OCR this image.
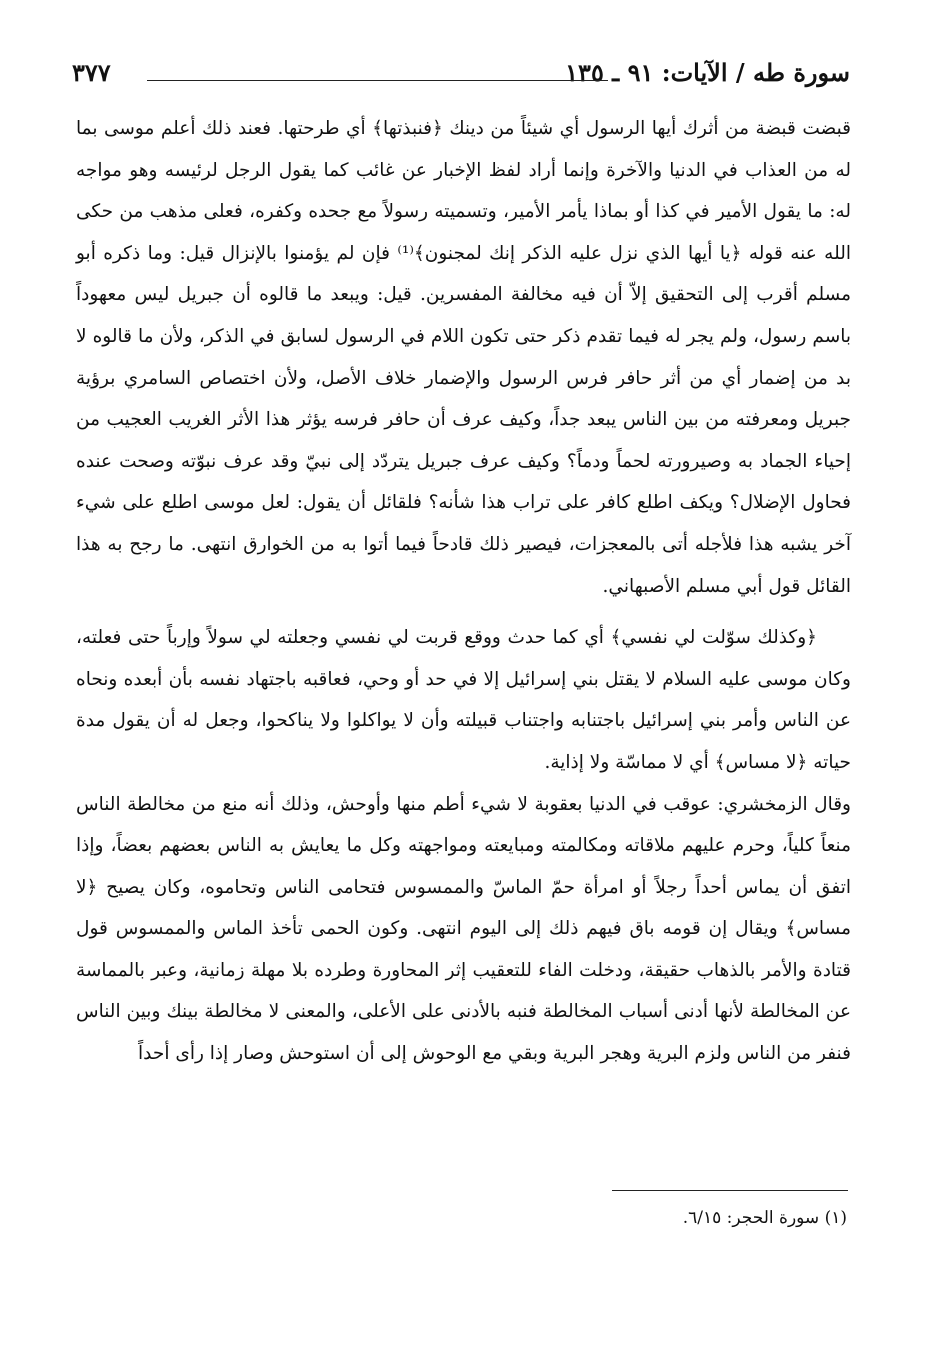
سورة طه / الآيات: ٩١ ـ ١٣٥
٣٧٧

قبضت قبضة من أثرك أيها الرسول أي شيئاً من دينك ﴿فنبذتها﴾ أي طرحتها. فعند ذلك أعلم موسى بما له من العذاب في الدنيا والآخرة وإنما أراد لفظ الإخبار عن غائب كما يقول الرجل لرئيسه وهو مواجه له: ما يقول الأمير في كذا أو بماذا يأمر الأمير، وتسميته رسولاً مع جحده وكفره، فعلى مذهب من حكى الله عنه قوله ﴿يا أيها الذي نزل عليه الذكر إنك لمجنون﴾⁽¹⁾ فإن لم يؤمنوا بالإنزال قيل: وما ذكره أبو مسلم أقرب إلى التحقيق إلاّ أن فيه مخالفة المفسرين. قيل: ويبعد ما قالوه أن جبريل ليس معهوداً باسم رسول، ولم يجر له فيما تقدم ذكر حتى تكون اللام في الرسول لسابق في الذكر، ولأن ما قالوه لا بد من إضمار أي من أثر حافر فرس الرسول والإضمار خلاف الأصل، ولأن اختصاص السامري برؤية جبريل ومعرفته من بين الناس يبعد جداً، وكيف عرف أن حافر فرسه يؤثر هذا الأثر الغريب العجيب من إحياء الجماد به وصيرورته لحماً ودماً؟ وكيف عرف جبريل يتردّد إلى نبيّ وقد عرف نبوّته وصحت عنده فحاول الإضلال؟ ويكف اطلع كافر على تراب هذا شأنه؟ فلقائل أن يقول: لعل موسى اطلع على شيء آخر يشبه هذا فلأجله أتى بالمعجزات، فيصير ذلك قادحاً فيما أتوا به من الخوارق انتهى. ما رجح به هذا القائل قول أبي مسلم الأصبهاني.

﴿وكذلك سوّلت لي نفسي﴾ أي كما حدث ووقع قربت لي نفسي وجعلته لي سولاً وإرباً حتى فعلته، وكان موسى عليه السلام لا يقتل بني إسرائيل إلا في حد أو وحي، فعاقبه باجتهاد نفسه بأن أبعده ونحاه عن الناس وأمر بني إسرائيل باجتنابه واجتناب قبيلته وأن لا يواكلوا ولا يناكحوا، وجعل له أن يقول مدة حياته ﴿لا مساس﴾ أي لا مماسّة ولا إذاية.

وقال الزمخشري: عوقب في الدنيا بعقوبة لا شيء أطم منها وأوحش، وذلك أنه منع من مخالطة الناس منعاً كلياً، وحرم عليهم ملاقاته ومكالمته ومبايعته ومواجهته وكل ما يعايش به الناس بعضهم بعضاً، وإذا اتفق أن يماس أحداً رجلاً أو امرأة حمّ الماسّ والممسوس فتحامى الناس وتحاموه، وكان يصيح ﴿لا مساس﴾ ويقال إن قومه باق فيهم ذلك إلى اليوم انتهى. وكون الحمى تأخذ الماس والممسوس قول قتادة والأمر بالذهاب حقيقة، ودخلت الفاء للتعقيب إثر المحاورة وطرده بلا مهلة زمانية، وعبر بالمماسة عن المخالطة لأنها أدنى أسباب المخالطة فنبه بالأدنى على الأعلى، والمعنى لا مخالطة بينك وبين الناس فنفر من الناس ولزم البرية وهجر البرية وبقي مع الوحوش إلى أن استوحش وصار إذا رأى أحداً

(١) سورة الحجر: ٦/١٥.
